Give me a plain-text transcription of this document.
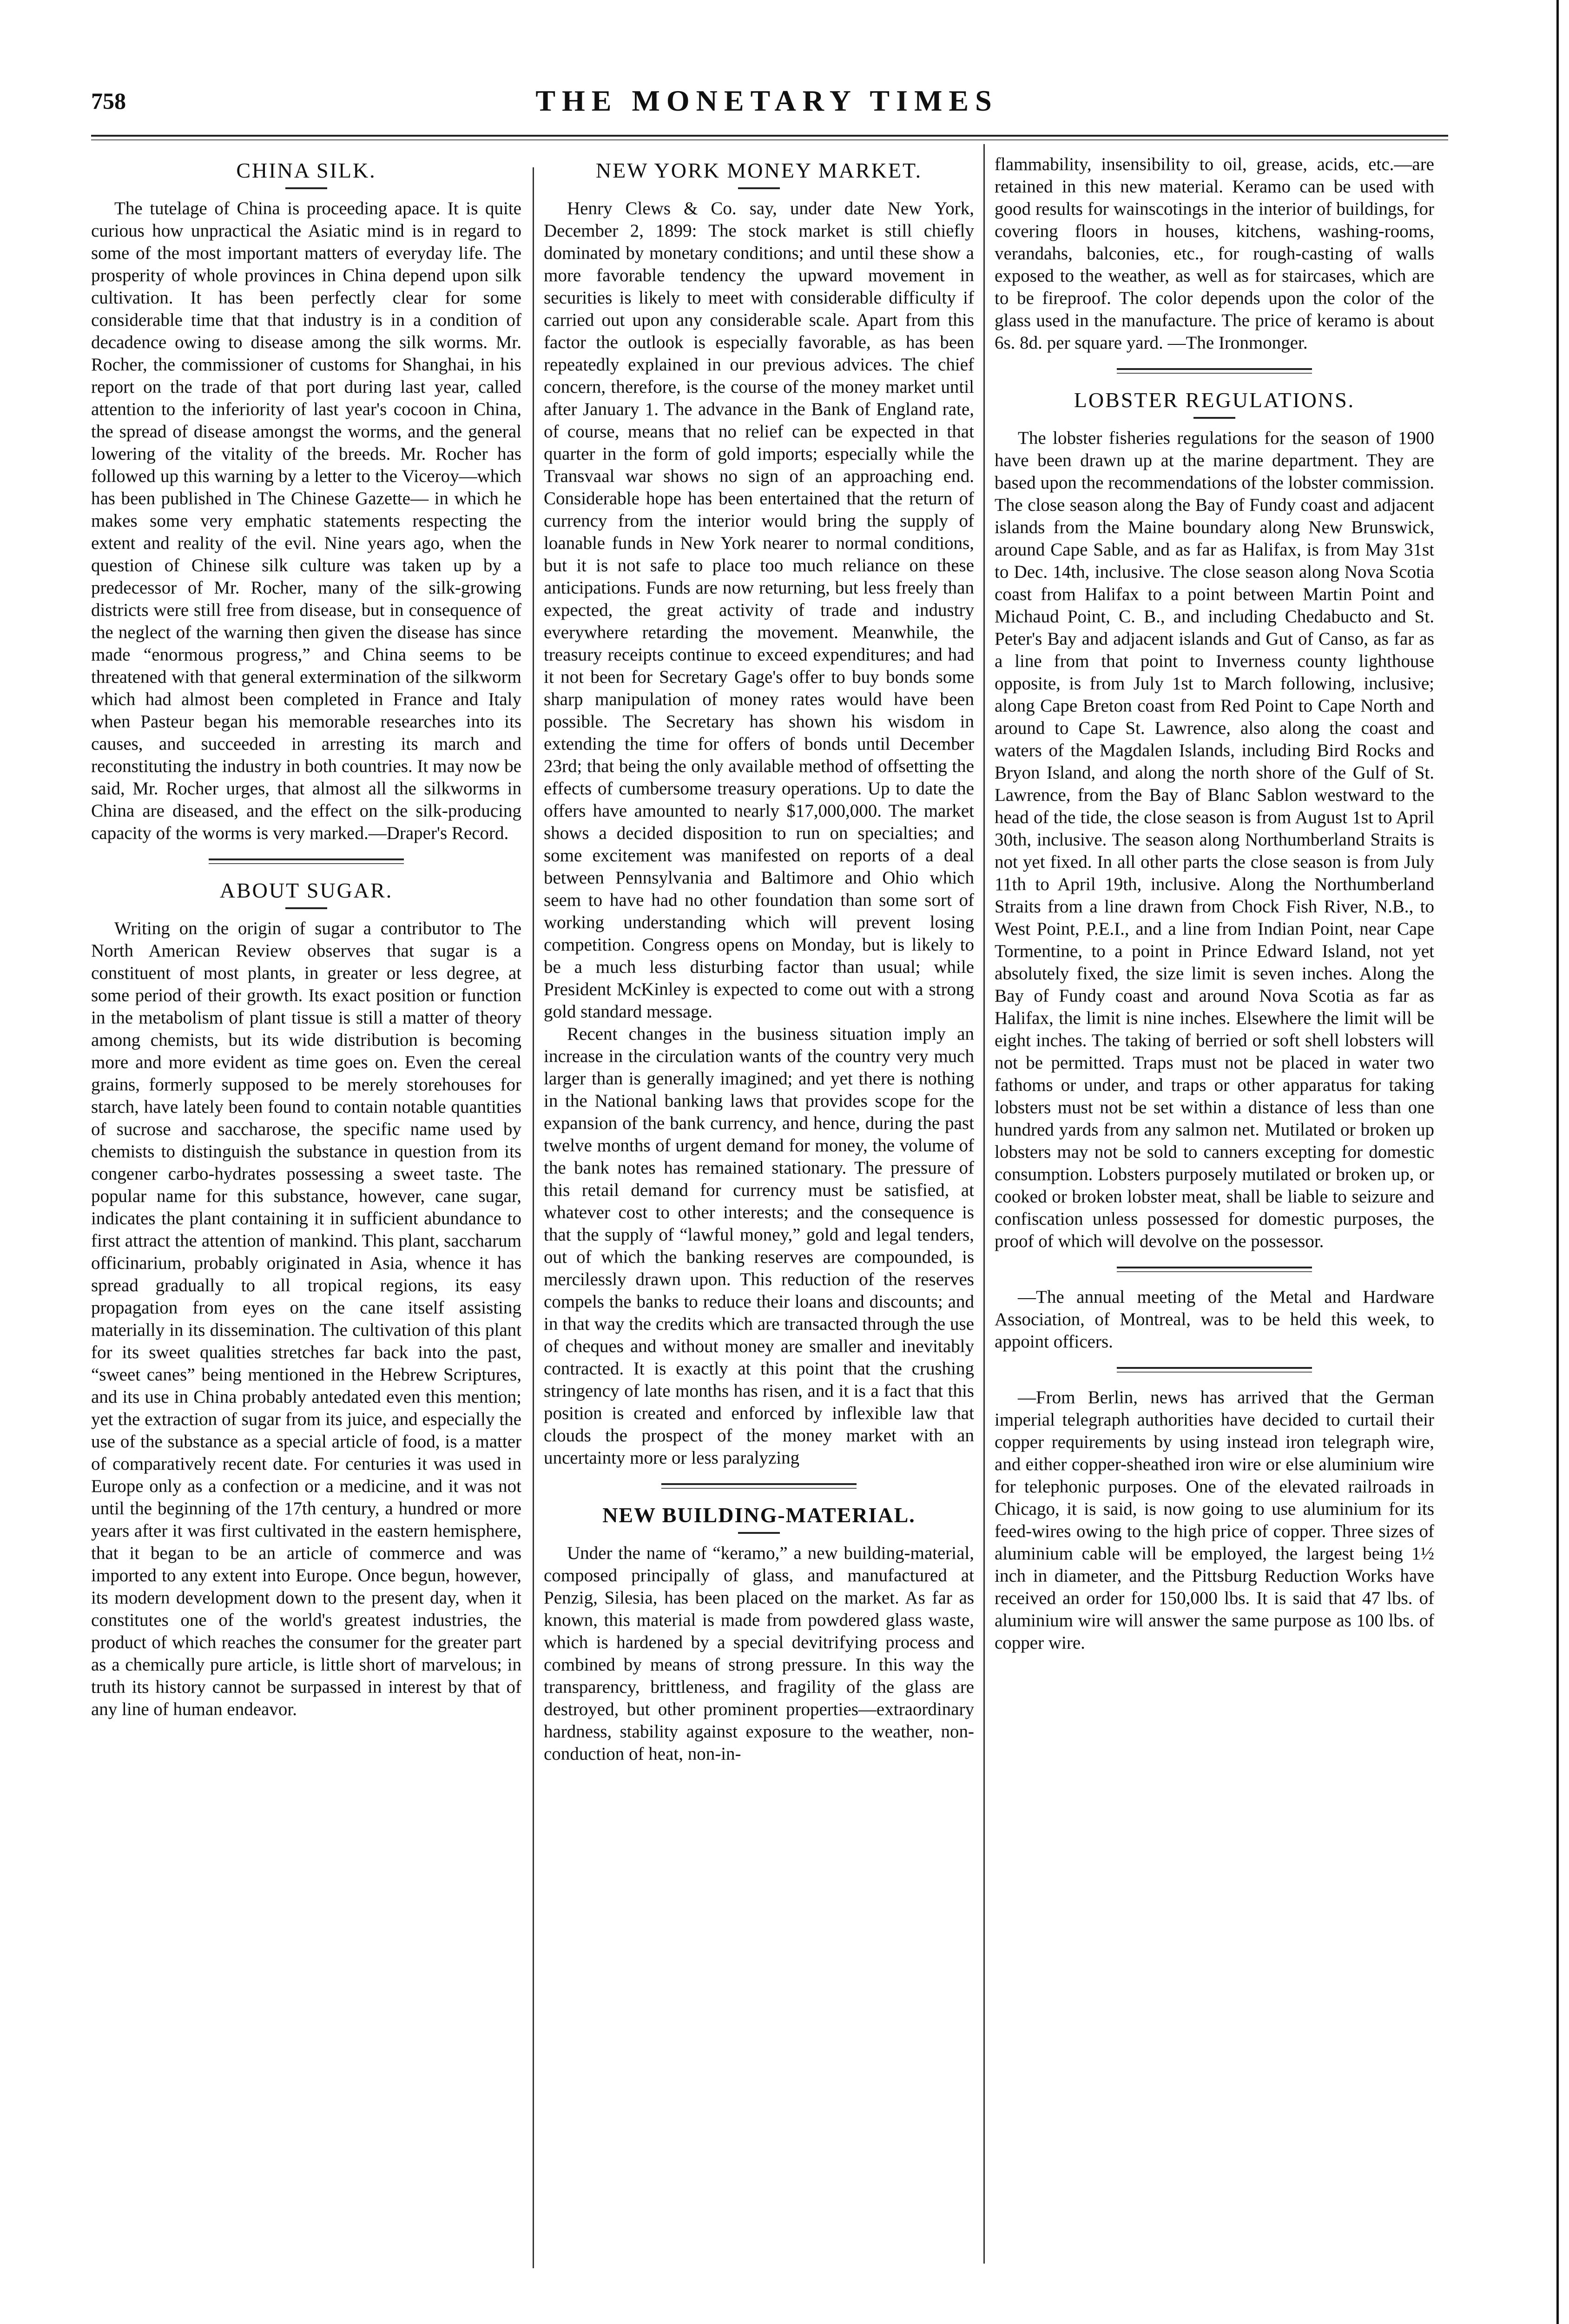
758	THE MONETARY TIMES
CHINA SILK.

The tutelage of China is proceeding apace. It is quite curious how unpractical the Asiatic mind is in regard to some of the most important matters of everyday life. The prosperity of whole provinces in China depend upon silk cultivation. It has been perfectly clear for some considerable time that that industry is in a condition of decadence owing to disease among the silk worms. Mr. Rocher, the commissioner of customs for Shanghai, in his report on the trade of that port during last year, called attention to the inferiority of last year's cocoon in China, the spread of disease amongst the worms, and the general lowering of the vitality of the breeds. Mr. Rocher has followed up this warning by a letter to the Viceroy—which has been published in The Chinese Gazette— in which he makes some very emphatic statements respecting the extent and reality of the evil. Nine years ago, when the question of Chinese silk culture was taken up by a predecessor of Mr. Rocher, many of the silk-growing districts were still free from disease, but in consequence of the neglect of the warning then given the disease has since made “enormous progress,” and China seems to be threatened with that general extermination of the silkworm which had almost been completed in France and Italy when Pasteur began his memorable researches into its causes, and succeeded in arresting its march and reconstituting the industry in both countries. It may now be said, Mr. Rocher urges, that almost all the silkworms in China are diseased, and the effect on the silk-producing capacity of the worms is very marked.—Draper's Record.

ABOUT SUGAR.

Writing on the origin of sugar a contributor to The North American Review observes that sugar is a constituent of most plants, in greater or less degree, at some period of their growth. Its exact position or function in the metabolism of plant tissue is still a matter of theory among chemists, but its wide distribution is becoming more and more evident as time goes on. Even the cereal grains, formerly supposed to be merely storehouses for starch, have lately been found to contain notable quantities of sucrose and saccharose, the specific name used by chemists to distinguish the substance in question from its congener carbo-hydrates possessing a sweet taste. The popular name for this substance, however, cane sugar, indicates the plant containing it in sufficient abundance to first attract the attention of mankind. This plant, saccharum officinarium, probably originated in Asia, whence it has spread gradually to all tropical regions, its easy propagation from eyes on the cane itself assisting materially in its dissemination. The cultivation of this plant for its sweet qualities stretches far back into the past, “sweet canes” being mentioned in the Hebrew Scriptures, and its use in China probably antedated even this mention; yet the extraction of sugar from its juice, and especially the use of the substance as a special article of food, is a matter of comparatively recent date. For centuries it was used in Europe only as a confection or a medicine, and it was not until the beginning of the 17th century, a hundred or more years after it was first cultivated in the eastern hemisphere, that it began to be an article of commerce and was imported to any extent into Europe. Once begun, however, its modern development down to the present day, when it constitutes one of the world's greatest industries, the product of which reaches the consumer for the greater part as a chemically pure article, is little short of marvelous; in truth its history cannot be surpassed in interest by that of any line of human endeavor.

NEW YORK MONEY MARKET.

Henry Clews & Co. say, under date New York, December 2, 1899: The stock market is still chiefly dominated by monetary conditions; and until these show a more favorable tendency the upward movement in securities is likely to meet with considerable difficulty if carried out upon any considerable scale. Apart from this factor the outlook is especially favorable, as has been repeatedly explained in our previous advices. The chief concern, therefore, is the course of the money market until after January 1. The advance in the Bank of England rate, of course, means that no relief can be expected in that quarter in the form of gold imports; especially while the Transvaal war shows no sign of an approaching end. Considerable hope has been entertained that the return of currency from the interior would bring the supply of loanable funds in New York nearer to normal conditions, but it is not safe to place too much reliance on these anticipations. Funds are now returning, but less freely than expected, the great activity of trade and industry everywhere retarding the movement. Meanwhile, the treasury receipts continue to exceed expenditures; and had it not been for Secretary Gage's offer to buy bonds some sharp manipulation of money rates would have been possible. The Secretary has shown his wisdom in extending the time for offers of bonds until December 23rd; that being the only available method of offsetting the effects of cumbersome treasury operations. Up to date the offers have amounted to nearly $17,000,000. The market shows a decided disposition to run on specialties; and some excitement was manifested on reports of a deal between Pennsylvania and Baltimore and Ohio which seem to have had no other foundation than some sort of working understanding which will prevent losing competition. Congress opens on Monday, but is likely to be a much less disturbing factor than usual; while President McKinley is expected to come out with a strong gold standard message.

Recent changes in the business situation imply an increase in the circulation wants of the country very much larger than is generally imagined; and yet there is nothing in the National banking laws that provides scope for the expansion of the bank currency, and hence, during the past twelve months of urgent demand for money, the volume of the bank notes has remained stationary. The pressure of this retail demand for currency must be satisfied, at whatever cost to other interests; and the consequence is that the supply of “lawful money,” gold and legal tenders, out of which the banking reserves are compounded, is mercilessly drawn upon. This reduction of the reserves compels the banks to reduce their loans and discounts; and in that way the credits which are transacted through the use of cheques and without money are smaller and inevitably contracted. It is exactly at this point that the crushing stringency of late months has risen, and it is a fact that this position is created and enforced by inflexible law that clouds the prospect of the money market with an uncertainty more or less paralyzing

NEW BUILDING-MATERIAL.

Under the name of “keramo,” a new building-material, composed principally of glass, and manufactured at Penzig, Silesia, has been placed on the market. As far as known, this material is made from powdered glass waste, which is hardened by a special devitrifying process and combined by means of strong pressure. In this way the transparency, brittleness, and fragility of the glass are destroyed, but other prominent properties—extraordinary hardness, stability against exposure to the weather, non-conduction of heat, non-in-

flammability, insensibility to oil, grease, acids, etc.—are retained in this new material. Keramo can be used with good results for wainscotings in the interior of buildings, for covering floors in houses, kitchens, washing-rooms, verandahs, balconies, etc., for rough-casting of walls exposed to the weather, as well as for staircases, which are to be fireproof. The color depends upon the color of the glass used in the manufacture. The price of keramo is about 6s. 8d. per square yard. —The Ironmonger.

LOBSTER REGULATIONS.

The lobster fisheries regulations for the season of 1900 have been drawn up at the marine department. They are based upon the recommendations of the lobster commission. The close season along the Bay of Fundy coast and adjacent islands from the Maine boundary along New Brunswick, around Cape Sable, and as far as Halifax, is from May 31st to Dec. 14th, inclusive. The close season along Nova Scotia coast from Halifax to a point between Martin Point and Michaud Point, C. B., and including Chedabucto and St. Peter's Bay and adjacent islands and Gut of Canso, as far as a line from that point to Inverness county lighthouse opposite, is from July 1st to March following, inclusive; along Cape Breton coast from Red Point to Cape North and around to Cape St. Lawrence, also along the coast and waters of the Magdalen Islands, including Bird Rocks and Bryon Island, and along the north shore of the Gulf of St. Lawrence, from the Bay of Blanc Sablon westward to the head of the tide, the close season is from August 1st to April 30th, inclusive. The season along Northumberland Straits is not yet fixed. In all other parts the close season is from July 11th to April 19th, inclusive. Along the Northumberland Straits from a line drawn from Chock Fish River, N.B., to West Point, P.E.I., and a line from Indian Point, near Cape Tormentine, to a point in Prince Edward Island, not yet absolutely fixed, the size limit is seven inches. Along the Bay of Fundy coast and around Nova Scotia as far as Halifax, the limit is nine inches. Elsewhere the limit will be eight inches. The taking of berried or soft shell lobsters will not be permitted. Traps must not be placed in water two fathoms or under, and traps or other apparatus for taking lobsters must not be set within a distance of less than one hundred yards from any salmon net. Mutilated or broken up lobsters may not be sold to canners excepting for domestic consumption. Lobsters purposely mutilated or broken up, or cooked or broken lobster meat, shall be liable to seizure and confiscation unless possessed for domestic purposes, the proof of which will devolve on the possessor.

—The annual meeting of the Metal and Hardware Association, of Montreal, was to be held this week, to appoint officers.

—From Berlin, news has arrived that the German imperial telegraph authorities have decided to curtail their copper requirements by using instead iron telegraph wire, and either copper-sheathed iron wire or else aluminium wire for telephonic purposes. One of the elevated railroads in Chicago, it is said, is now going to use aluminium for its feed-wires owing to the high price of copper. Three sizes of aluminium cable will be employed, the largest being 1½ inch in diameter, and the Pittsburg Reduction Works have received an order for 150,000 lbs. It is said that 47 lbs. of aluminium wire will answer the same purpose as 100 lbs. of copper wire.
